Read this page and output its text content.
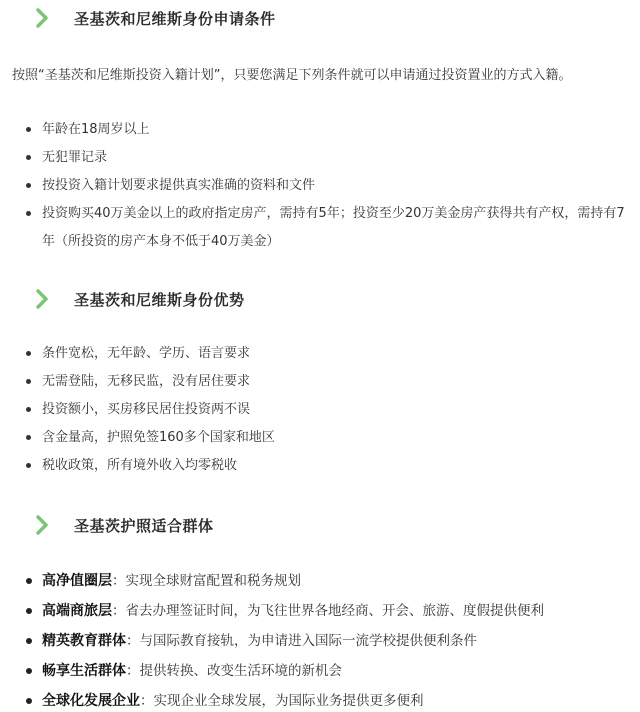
圣基茨和尼维斯身份申请条件
按照“圣基茨和尼维斯投资入籍计划”，只要您满足下列条件就可以申请通过投资置业的方式入籍。
年龄在18周岁以上
无犯罪记录
按投资入籍计划要求提供真实准确的资料和文件
投资购买40万美金以上的政府指定房产，需持有5年；投资至少20万美金房产获得共有产权，需持有7年（所投资的房产本身不低于40万美金）
圣基茨和尼维斯身份优势
条件宽松，无年龄、学历、语言要求
无需登陆，无移民监，没有居住要求
投资额小，买房移民居住投资两不误
含金量高，护照免签160多个国家和地区
税收政策，所有境外收入均零税收
圣基茨护照适合群体
高净值圈层：实现全球财富配置和税务规划
高端商旅层：省去办理签证时间，为飞往世界各地经商、开会、旅游、度假提供便利
精英教育群体：与国际教育接轨，为申请进入国际一流学校提供便利条件
畅享生活群体：提供转换、改变生活环境的新机会
全球化发展企业：实现企业全球发展，为国际业务提供更多便利
